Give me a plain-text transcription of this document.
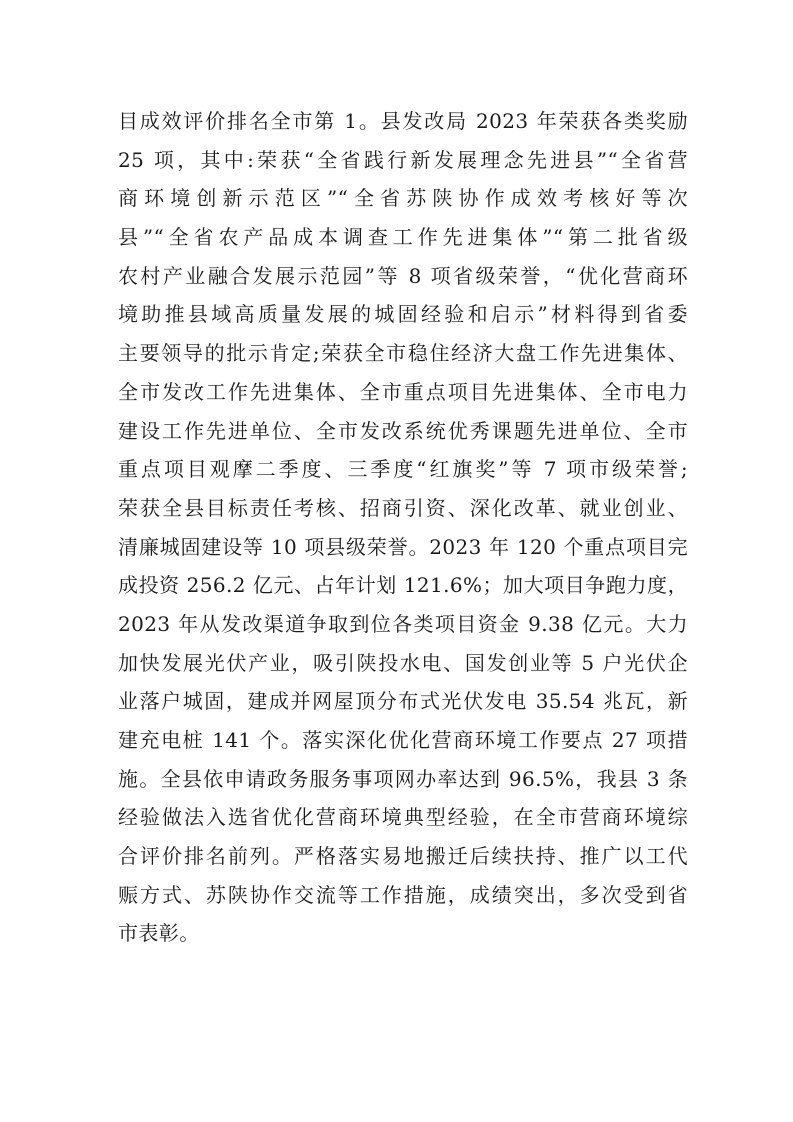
目成效评价排名全市第 1。县发改局 2023 年荣获各类奖励
25 项，其中:荣获“全省践行新发展理念先进县”“全省营
商环境创新示范区”“全省苏陕协作成效考核好等次
县”“全省农产品成本调查工作先进集体”“第二批省级
农村产业融合发展示范园”等 8 项省级荣誉，“优化营商环
境助推县域高质量发展的城固经验和启示”材料得到省委
主要领导的批示肯定;荣获全市稳住经济大盘工作先进集体、
全市发改工作先进集体、全市重点项目先进集体、全市电力
建设工作先进单位、全市发改系统优秀课题先进单位、全市
重点项目观摩二季度、三季度“红旗奖”等 7 项市级荣誉;
荣获全县目标责任考核、招商引资、深化改革、就业创业、
清廉城固建设等 10 项县级荣誉。2023 年 120 个重点项目完
成投资 256.2 亿元、占年计划 121.6%；加大项目争跑力度，
2023 年从发改渠道争取到位各类项目资金 9.38 亿元。大力
加快发展光伏产业，吸引陕投水电、国发创业等 5 户光伏企
业落户城固，建成并网屋顶分布式光伏发电 35.54 兆瓦，新
建充电桩 141 个。落实深化优化营商环境工作要点 27 项措
施。全县依申请政务服务事项网办率达到 96.5%，我县 3 条
经验做法入选省优化营商环境典型经验，在全市营商环境综
合评价排名前列。严格落实易地搬迁后续扶持、推广以工代
赈方式、苏陕协作交流等工作措施，成绩突出，多次受到省
市表彰。
